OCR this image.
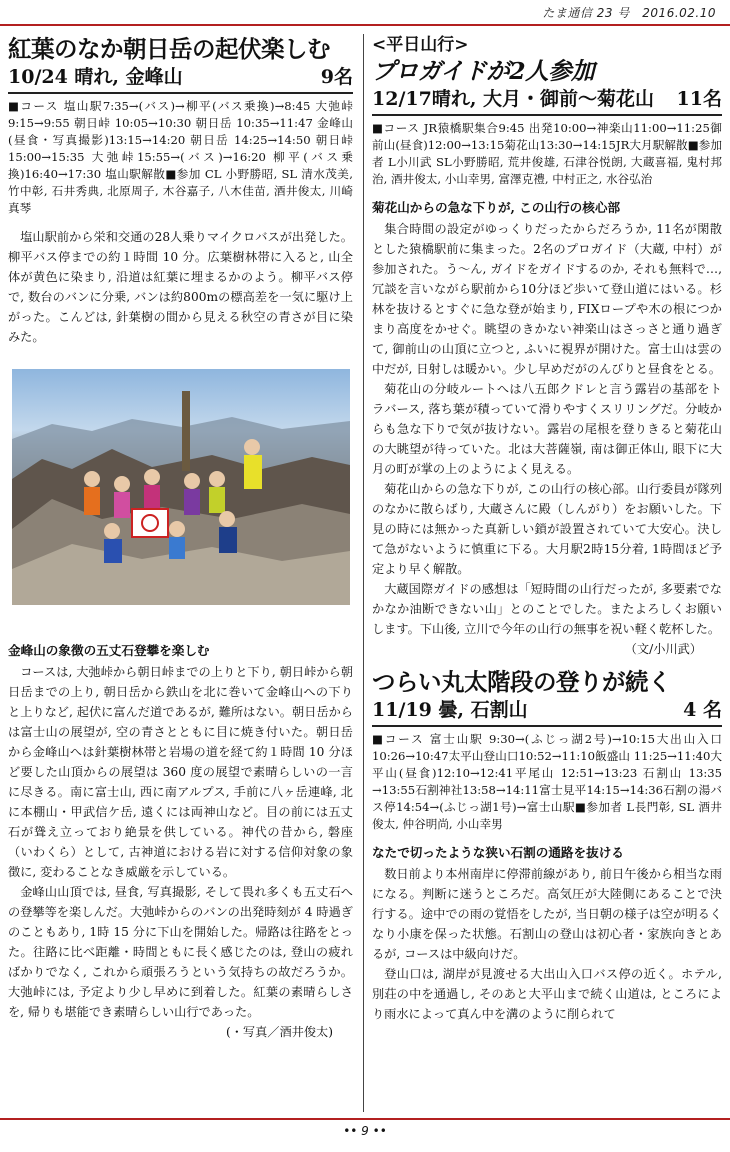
たま通信 23 号　2016.02.10
紅葉のなか朝日岳の起伏楽しむ
10/24 晴れ, 金峰山	9名

■コース 塩山駅7:35→(バス)→柳平(バス乗換)→8:45 大弛峠 9:15→9:55 朝日峠 10:05→10:30 朝日岳 10:35→11:47 金峰山(昼食・写真撮影)13:15→14:20 朝日岳 14:25→14:50 朝日峠 15:00→15:35 大弛峠15:55→(バス)→16:20 柳平(バス乗換)16:40→17:30 塩山駅解散■参加 CL 小野勝昭, SL 清水茂美, 竹中彰, 石井秀典, 北原周子, 木谷嘉子, 八木佳苗, 酒井俊太, 川崎真琴

塩山駅前から栄和交通の28人乗りマイクロバスが出発した。柳平バス停までの約１時間 10 分。広葉樹林帯に入ると, 山全体が黄色に染まり, 沿道は紅葉に埋まるかのよう。柳平バス停で, 数台のバンに分乗, バンは約800mの標高差を一気に駆け上がった。こんどは, 針葉樹の間から見える秋空の青さが目に染みた。

金峰山の象徴の五丈石登攀を楽しむ

コースは, 大弛峠から朝日峠までの上りと下り, 朝日峠から朝日岳までの上り, 朝日岳から鉄山を北に巻いて金峰山への下りと上りなど, 起伏に富んだ道であるが, 難所はない。朝日岳からは富士山の展望が, 空の青さとともに目に焼き付いた。朝日岳から金峰山へは針葉樹林帯と岩場の道を経て約１時間 10 分ほど要した山頂からの展望は 360 度の展望で素晴らしいの一言に尽きる。南に富士山, 西に南アルプス, 手前に八ヶ岳連峰, 北に本棚山・甲武信ケ岳, 遠くには両神山など。目の前には五丈石が聳え立っており絶景を供している。神代の昔から, 磐座（いわくら）として, 古神道における岩に対する信仰対象の象徴に, 変わることなき威厳を示している。

金峰山山頂では, 昼食, 写真撮影, そして畏れ多くも五丈石への登攀等を楽しんだ。大弛峠からのバンの出発時刻が 4 時過ぎのこともあり, 1時 15 分に下山を開始した。帰路は往路をとった。往路に比べ距離・時間ともに長く感じたのは, 登山の疲ればかりでなく, これから頑張ろうという気持ちの故だろうか。 大弛峠には, 予定より少し早めに到着した。紅葉の素晴らしさを, 帰りも堪能でき素晴らしい山行であった。

(・写真／酒井俊太)
<平日山行>
プロガイドが2人参加
12/17晴れ, 大月・御前～菊花山 11名

■コース JR猿橋駅集合9:45 出発10:00→神楽山11:00→11:25御前山(昼食)12:00→13:15菊花山13:30→14:15JR大月駅解散■参加者 L小川武 SL小野勝昭, 荒井俊雄, 石津谷悦朗, 大蔵喜福, 鬼村邦治, 酒井俊太, 小山幸男, 富澤克禮, 中村正之, 水谷弘治

菊花山からの急な下りが, この山行の核心部

集合時間の設定がゆっくりだったからだろうか, 11名が閑散とした猿橋駅前に集まった。2名のプロガイド（大蔵, 中村）が参加された。う～ん, ガイドをガイドするのか, それも無料で…, 冗談を言いながら駅前から10分ほど歩いて登山道にはいる。杉林を抜けるとすぐに急な登が始まり, FIXロープや木の根につかまり高度をかせぐ。眺望のきかない神楽山はさっさと通り過ぎて, 御前山の山頂に立つと, ふいに視界が開けた。富士山は雲の中だが, 日射しは暖かい。少し早めだがのんびりと昼食をとる。

菊花山の分岐ルートへは八五郎クドレと言う露岩の基部をトラバース, 落ち葉が積っていて滑りやすくスリリングだ。分岐からも急な下りで気が抜けない。露岩の尾根を登りきると菊花山の大眺望が待っていた。北は大菩薩嶺, 南は御正体山, 眼下に大月の町が掌の上のようによく見える。

菊花山からの急な下りが, この山行の核心部。山行委員が隊列のなかに散らばり, 大蔵さんに殿（しんがり）をお願いした。下見の時には無かった真新しい鎖が設置されていて大安心。決して急がないように慎重に下る。大月駅2時15分着, 1時間ほど予定より早く解散。

大蔵国際ガイドの感想は「短時間の山行だったが, 多要素でなかなか油断できない山」とのことでした。またよろしくお願いします。下山後, 立川で今年の山行の無事を祝い軽く乾杯した。

（文/小川武）
つらい丸太階段の登りが続く
11/19 曇, 石割山	4 名

■コース 富士山駅 9:30→(ふじっ湖2号)→10:15大出山入口10:26→10:47太平山登山口10:52→11:10飯盛山 11:25→11:40大平山(昼食)12:10→12:41平尾山 12:51→13:23 石割山 13:35 →13:55石割神社13:58→14:11富士見平14:15→14:36石割の湯バス停14:54→(ふじっ湖1号)→富士山駅■参加者 L長門彰, SL 酒井俊太, 仲谷明尚, 小山幸男

なたで切ったような狭い石割の通路を抜ける

数日前より本州南岸に停滞前線があり, 前日午後から相当な雨になる。判断に迷うところだ。高気圧が大陸側にあることで決行する。途中での雨の覚悟をしたが, 当日朝の様子は空が明るくなり小康を保った状態。石割山の登山は初心者・家族向きとあるが, コースは中級向けだ。

登山口は, 湖岸が見渡せる大出山入口バス停の近く。ホテル, 別荘の中を通過し, そのあと大平山まで続く山道は, ところにより雨水によって真ん中を溝のように削られて

•• 9 ••
